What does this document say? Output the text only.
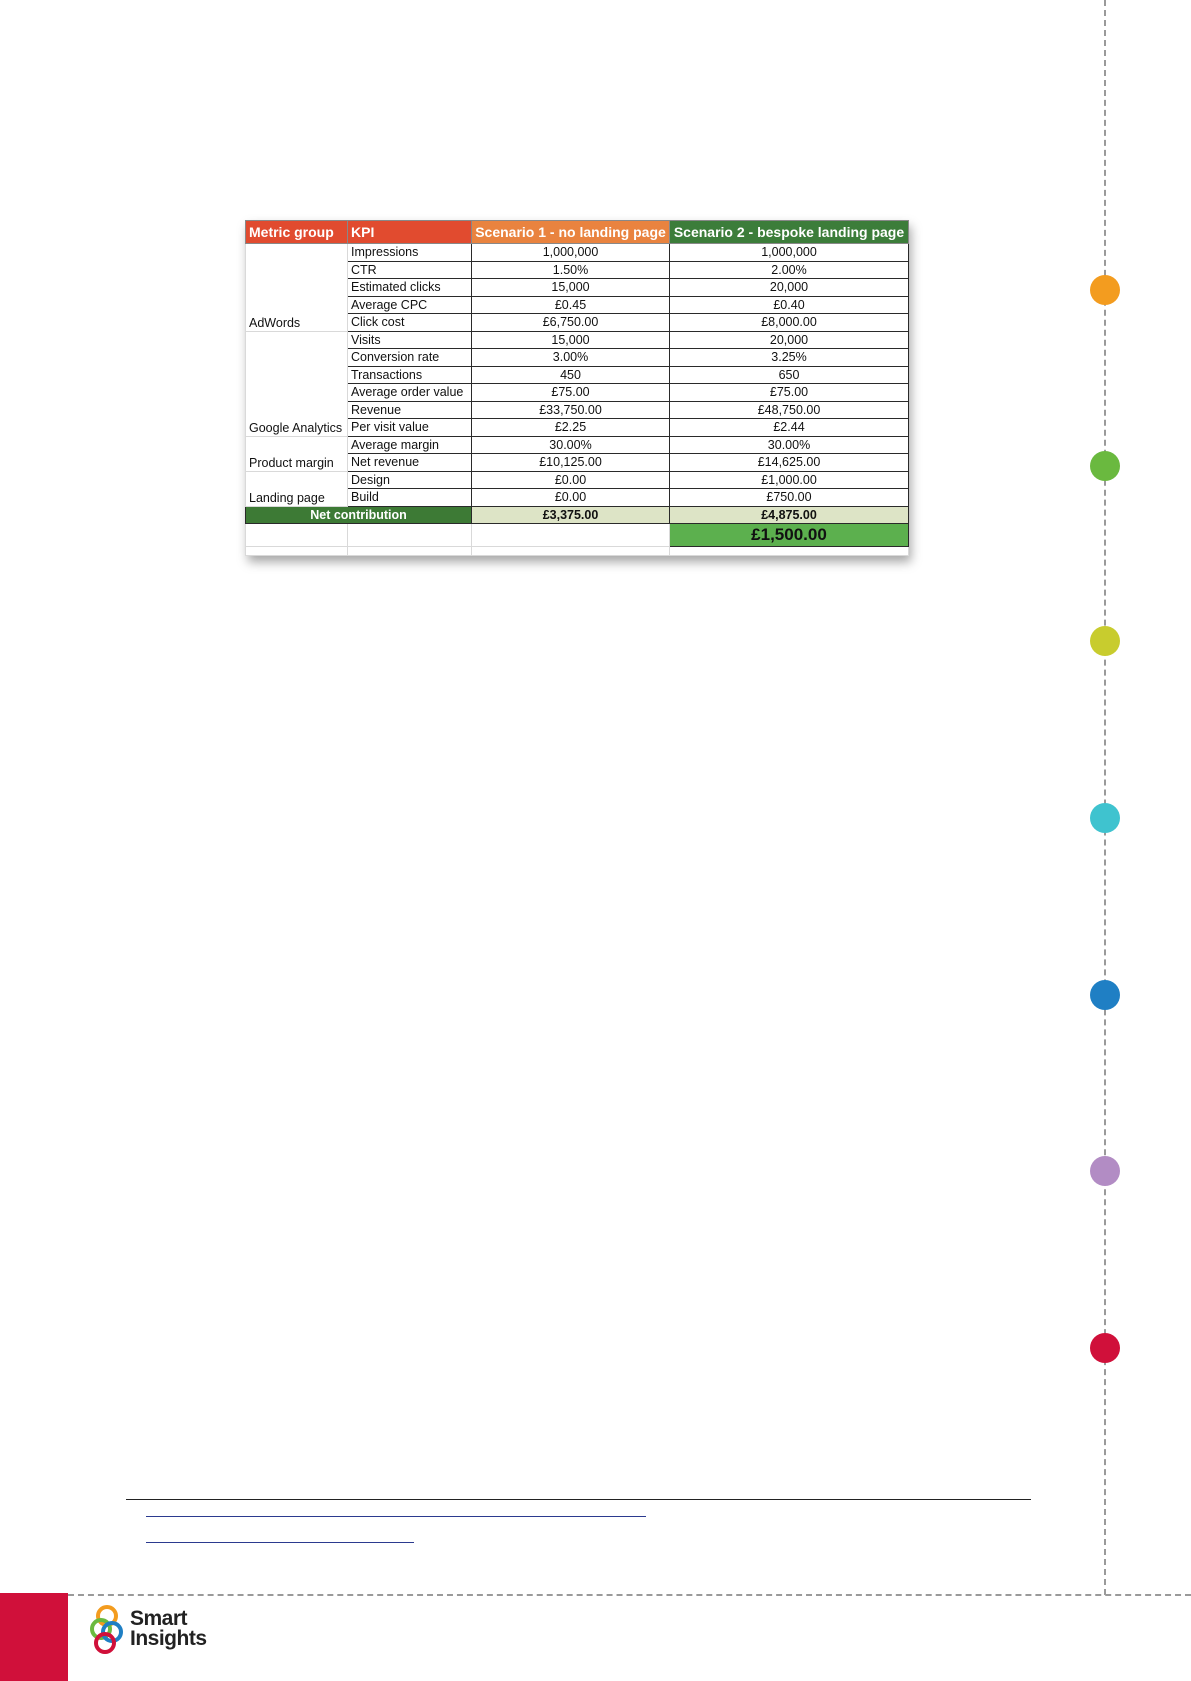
Metric group	KPI	Scenario 1 - no landing page	Scenario 2 - bespoke landing page
	Impressions	1,000,000	1,000,000
	CTR	1.50%	2.00%
	Estimated clicks	15,000	20,000
	Average CPC	£0.45	£0.40
AdWords	Click cost	£6,750.00	£8,000.00
	Visits	15,000	20,000
	Conversion rate	3.00%	3.25%
	Transactions	450	650
	Average order value	£75.00	£75.00
	Revenue	£33,750.00	£48,750.00
Google Analytics	Per visit value	£2.25	£2.44
	Average margin	30.00%	30.00%
Product margin	Net revenue	£10,125.00	£14,625.00
	Design	£0.00	£1,000.00
Landing page	Build	£0.00	£750.00
Net contribution		£3,375.00	£4,875.00
			£1,500.00

Smart
Insights
